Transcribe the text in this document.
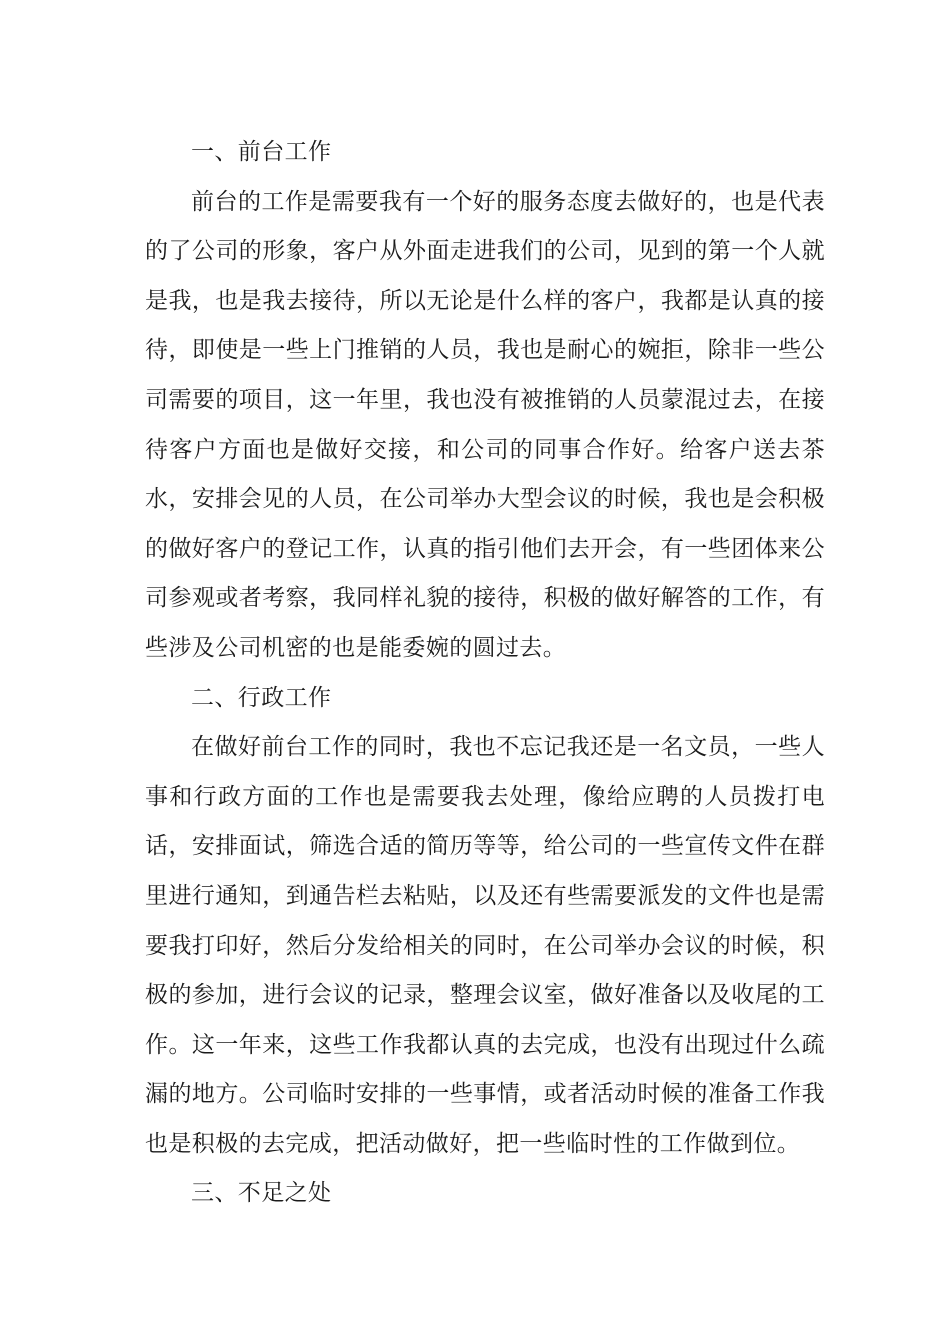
一、前台工作

前台的工作是需要我有一个好的服务态度去做好的，也是代表的了公司的形象，客户从外面走进我们的公司，见到的第一个人就是我，也是我去接待，所以无论是什么样的客户，我都是认真的接待，即使是一些上门推销的人员，我也是耐心的婉拒，除非一些公司需要的项目，这一年里，我也没有被推销的人员蒙混过去，在接待客户方面也是做好交接，和公司的同事合作好。给客户送去茶水，安排会见的人员，在公司举办大型会议的时候，我也是会积极的做好客户的登记工作，认真的指引他们去开会，有一些团体来公司参观或者考察，我同样礼貌的接待，积极的做好解答的工作，有些涉及公司机密的也是能委婉的圆过去。

二、行政工作

在做好前台工作的同时，我也不忘记我还是一名文员，一些人事和行政方面的工作也是需要我去处理，像给应聘的人员拨打电话，安排面试，筛选合适的简历等等，给公司的一些宣传文件在群里进行通知，到通告栏去粘贴，以及还有些需要派发的文件也是需要我打印好，然后分发给相关的同时，在公司举办会议的时候，积极的参加，进行会议的记录，整理会议室，做好准备以及收尾的工作。这一年来，这些工作我都认真的去完成，也没有出现过什么疏漏的地方。公司临时安排的一些事情，或者活动时候的准备工作我也是积极的去完成，把活动做好，把一些临时性的工作做到位。

三、不足之处
